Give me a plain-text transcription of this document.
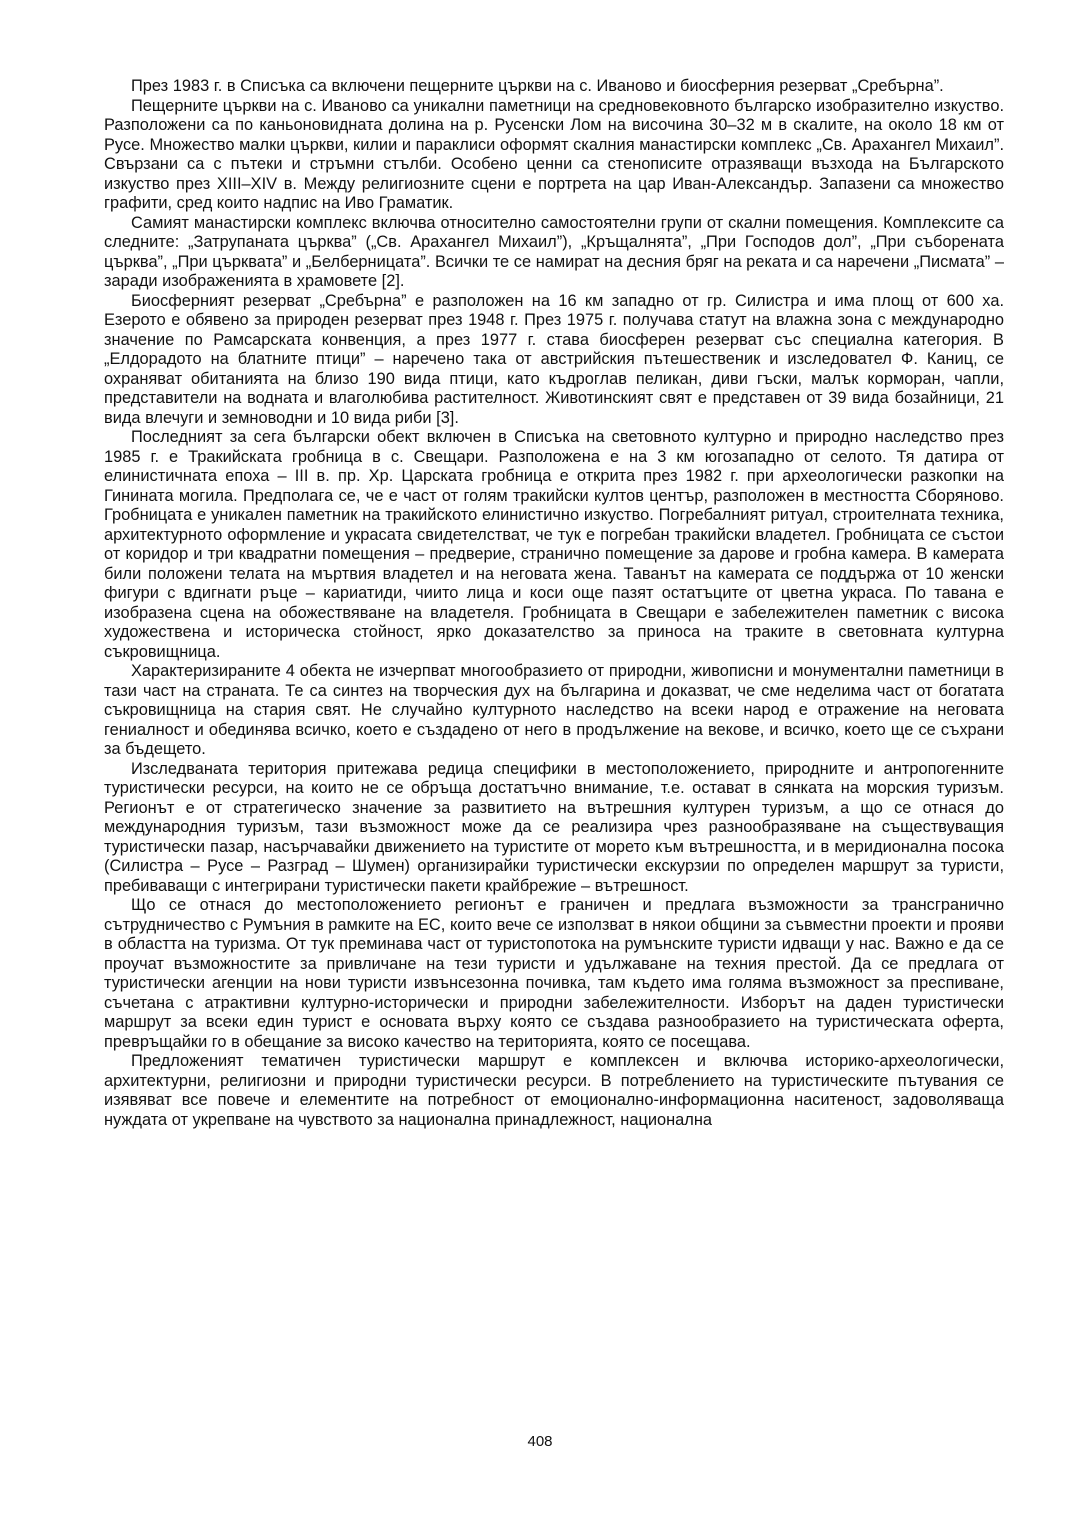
През 1983 г. в Списъка са включени пещерните църкви на с. Иваново и биосферния резерват „Сребърна”.

Пещерните църкви на с. Иваново са уникални паметници на средновековното българско изобразително изкуство. Разположени са по каньоновидната долина на р. Русенски Лом на височина 30–32 м в скалите, на около 18 км от Русе. Множество малки църкви, килии и параклиси оформят скалния манастирски комплекс „Св. Арахангел Михаил”. Свързани са с пътеки и стръмни стълби. Особено ценни са стенописите отразяващи възхода на Българското изкуство през XIII–XIV в. Между религиозните сцени е портрета на цар Иван-Александър. Запазени са множество графити, сред които надпис на Иво Граматик.

Самият манастирски комплекс включва относително самостоятелни групи от скални помещения. Комплексите са следните: „Затрупаната църква” („Св. Арахангел Михаил”), „Кръщалнята”, „При Господов дол”, „При съборената църква”, „При църквата” и „Белберницата”. Всички те се намират на десния бряг на реката и са наречени „Писмата” – заради изображенията в храмовете [2].

Биосферният резерват „Сребърна” е разположен на 16 км западно от гр. Силистра и има площ от 600 ха. Езерото е обявено за природен резерват през 1948 г. През 1975 г. получава статут на влажна зона с международно значение по Рамсарската конвенция, а през 1977 г. става биосферен резерват със специална категория. В „Елдорадото на блатните птици” – наречено така от австрийския пътешественик и изследовател Ф. Каниц, се охраняват обитанията на близо 190 вида птици, като къдроглав пеликан, диви гъски, малък корморан, чапли, представители на водната и влаголюбива растителност. Животинският свят е представен от 39 вида бозайници, 21 вида влечуги и земноводни и 10 вида риби [3].

Последният за сега български обект включен в Списъка на световното културно и природно наследство през 1985 г. е Тракийската гробница в с. Свещари. Разположена е на 3 км югозападно от селото. Тя датира от елинистичната епоха – III в. пр. Хр. Царската гробница е открита през 1982 г. при археологически разкопки на Гинината могила. Предполага се, че е част от голям тракийски култов център, разположен в местността Сборяново. Гробницата е уникален паметник на тракийското елинистично изкуство. Погребалният ритуал, строителната техника, архитектурното оформление и украсата свидетелстват, че тук е погребан тракийски владетел. Гробницата се състои от коридор и три квадратни помещения – предверие, странично помещение за дарове и гробна камера. В камерата били положени телата на мъртвия владетел и на неговата жена. Таванът на камерата се поддържа от 10 женски фигури с вдигнати ръце – кариатиди, чиито лица и коси още пазят остатъците от цветна украса. По тавана е изобразена сцена на обожествяване на владетеля. Гробницата в Свещари е забележителен паметник с висока художествена и историческа стойност, ярко доказателство за приноса на траките в световната културна съкровищница.

Характеризираните 4 обекта не изчерпват многообразието от природни, живописни и монументални паметници в тази част на страната. Те са синтез на творческия дух на българина и доказват, че сме неделима част от богатата съкровищница на стария свят. Не случайно културното наследство на всеки народ е отражение на неговата гениалност и обединява всичко, което е създадено от него в продължение на векове, и всичко, което ще се съхрани за бъдещето.

Изследваната територия притежава редица специфики в местоположението, природните и антропогенните туристически ресурси, на които не се обръща достатъчно внимание, т.е. остават в сянката на морския туризъм. Регионът е от стратегическо значение за развитието на вътрешния културен туризъм, а що се отнася до международния туризъм, тази възможност може да се реализира чрез разнообразяване на съществуващия туристически пазар, насърчавайки движението на туристите от морето към вътрешността, и в меридионална посока (Силистра – Русе – Разград – Шумен) организирайки туристически екскурзии по определен маршрут за туристи, пребиваващи с интегрирани туристически пакети крайбрежие – вътрешност.

Що се отнася до местоположението регионът е граничен и предлага възможности за трансгранично сътрудничество с Румъния в рамките на ЕС, които вече се използват в някои общини за съвместни проекти и прояви в областта на туризма. От тук преминава част от туристопотока на румънските туристи идващи у нас. Важно е да се проучат възможностите за привличане на тези туристи и удължаване на техния престой. Да се предлага от туристически агенции на нови туристи извънсезонна почивка, там където има голяма възможност за преспиване, съчетана с атрактивни културно-исторически и природни забележителности. Изборът на даден туристически маршрут за всеки един турист е основата върху която се създава разнообразието на туристическата оферта, превръщайки го в обещание за високо качество на територията, която се посещава.

Предложеният тематичен туристически маршрут е комплексен и включва историко-археологически, архитектурни, религиозни и природни туристически ресурси. В потреблението на туристическите пътувания се изявяват все повече и елементите на потребност от емоционално-информационна наситеност, задоволяваща нуждата от укрепване на чувството за национална принадлежност, национална

408
